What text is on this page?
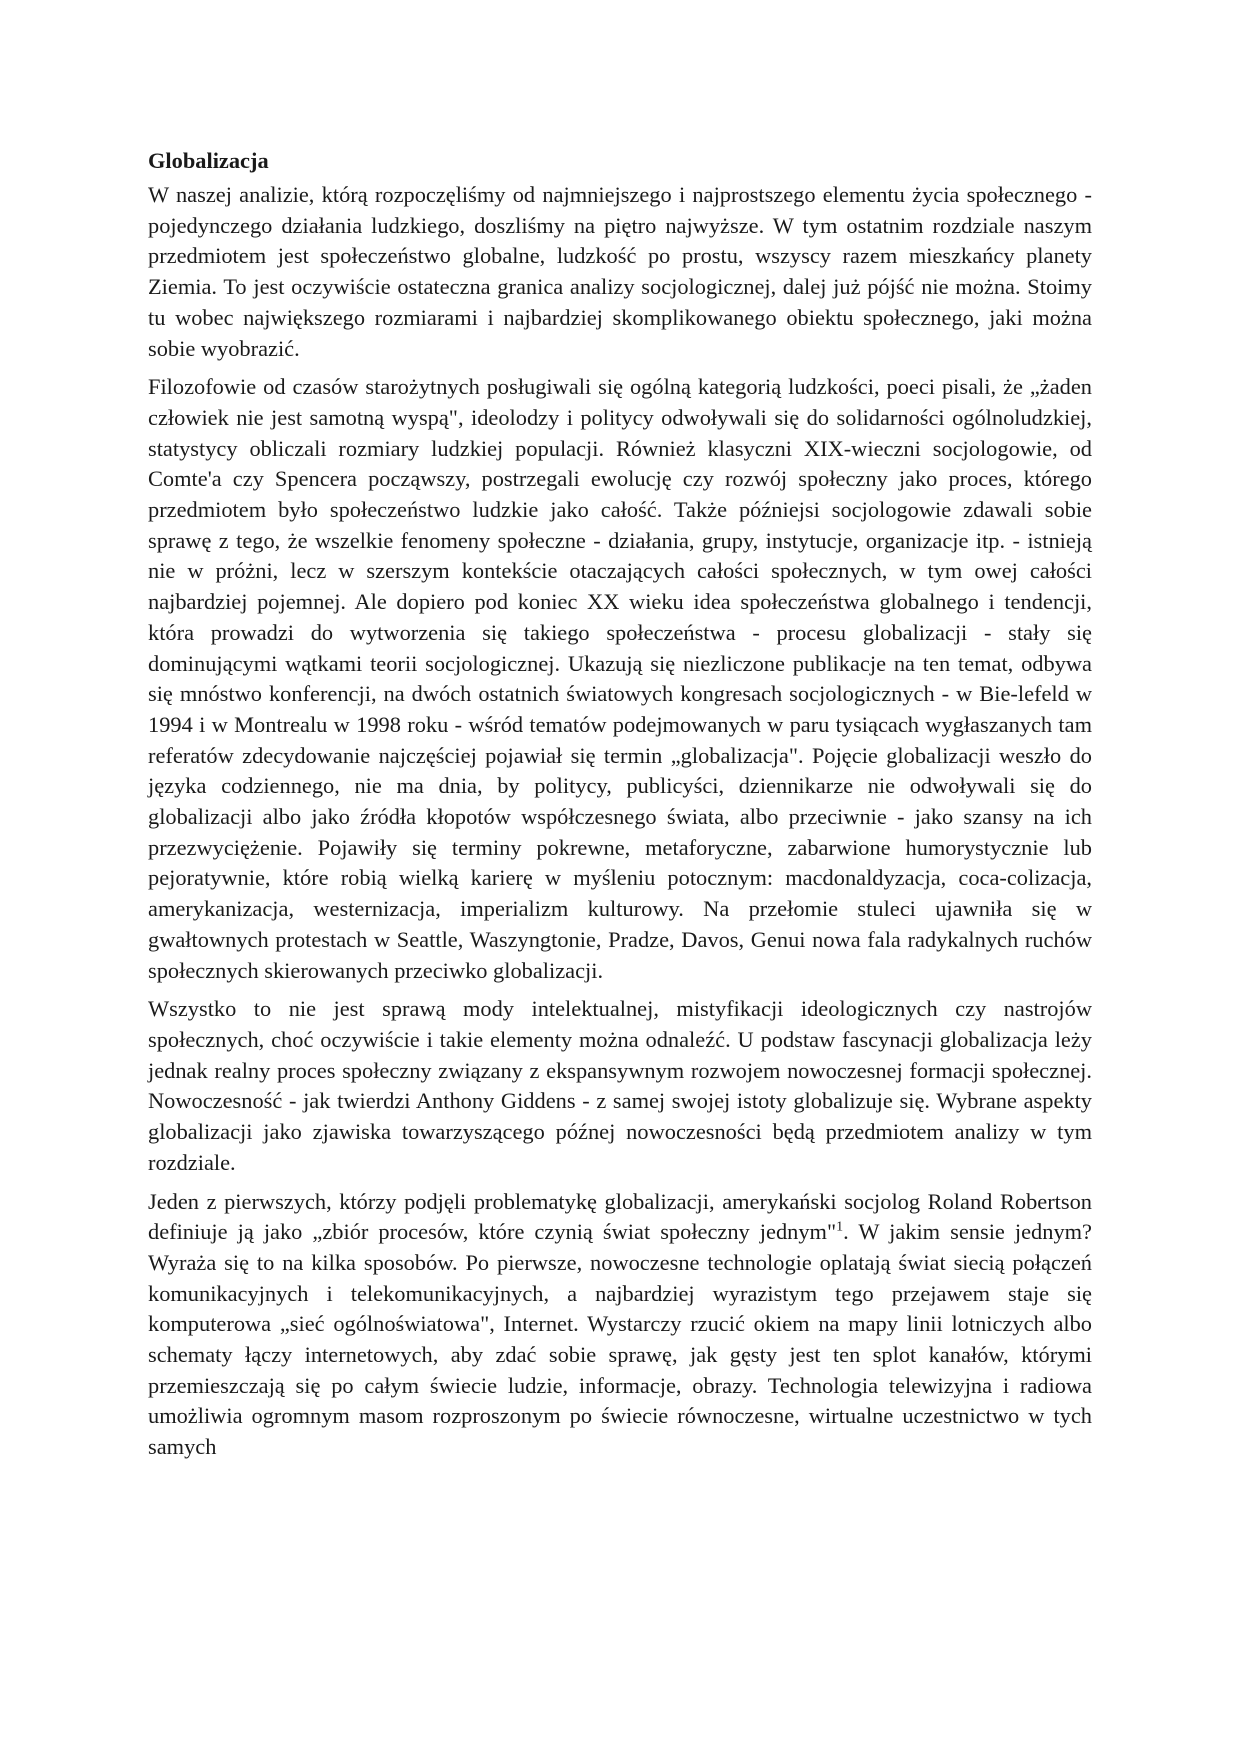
Globalizacja

W naszej analizie, którą rozpoczęliśmy od najmniejszego i najprostszego elementu życia społecznego - pojedynczego działania ludzkiego, doszliśmy na piętro najwyższe. W tym ostatnim rozdziale naszym przedmiotem jest społeczeństwo globalne, ludzkość po prostu, wszyscy razem mieszkańcy planety Ziemia. To jest oczywiście ostateczna granica analizy socjologicznej, dalej już pójść nie można. Stoimy tu wobec największego rozmiarami i najbardziej skomplikowanego obiektu społecznego, jaki można sobie wyobrazić.

Filozofowie od czasów starożytnych posługiwali się ogólną kategorią ludzkości, poeci pisali, że „żaden człowiek nie jest samotną wyspą", ideolodzy i politycy odwoływali się do solidarności ogólnoludzkiej, statystycy obliczali rozmiary ludzkiej populacji. Również klasyczni XIX-wieczni socjologowie, od Comte'a czy Spencera począwszy, postrzegali ewolucję czy rozwój społeczny jako proces, którego przedmiotem było społeczeństwo ludzkie jako całość. Także późniejsi socjologowie zdawali sobie sprawę z tego, że wszelkie fenomeny społeczne - działania, grupy, instytucje, organizacje itp. - istnieją nie w próżni, lecz w szerszym kontekście otaczających całości społecznych, w tym owej całości najbardziej pojemnej. Ale dopiero pod koniec XX wieku idea społeczeństwa globalnego i tendencji, która prowadzi do wytworzenia się takiego społeczeństwa - procesu globalizacji - stały się dominującymi wątkami teorii socjologicznej. Ukazują się niezliczone publikacje na ten temat, odbywa się mnóstwo konferencji, na dwóch ostatnich światowych kongresach socjologicznych - w Bie-lefeld w 1994 i w Montrealu w 1998 roku - wśród tematów podejmowanych w paru tysiącach wygłaszanych tam referatów zdecydowanie najczęściej pojawiał się termin „globalizacja". Pojęcie globalizacji weszło do języka codziennego, nie ma dnia, by politycy, publicyści, dziennikarze nie odwoływali się do globalizacji albo jako źródła kłopotów współczesnego świata, albo przeciwnie - jako szansy na ich przezwyciężenie. Pojawiły się terminy pokrewne, metaforyczne, zabarwione humorystycznie lub pejoratywnie, które robią wielką karierę w myśleniu potocznym: macdonaldyzacja, coca-colizacja, amerykanizacja, westernizacja, imperializm kulturowy. Na przełomie stuleci ujawniła się w gwałtownych protestach w Seattle, Waszyngtonie, Pradze, Davos, Genui nowa fala radykalnych ruchów społecznych skierowanych przeciwko globalizacji.

Wszystko to nie jest sprawą mody intelektualnej, mistyfikacji ideologicznych czy nastrojów społecznych, choć oczywiście i takie elementy można odnaleźć. U podstaw fascynacji globalizacja leży jednak realny proces społeczny związany z ekspansywnym rozwojem nowoczesnej formacji społecznej. Nowoczesność - jak twierdzi Anthony Giddens - z samej swojej istoty globalizuje się. Wybrane aspekty globalizacji jako zjawiska towarzyszącego późnej nowoczesności będą przedmiotem analizy w tym rozdziale.

Jeden z pierwszych, którzy podjęli problematykę globalizacji, amerykański socjolog Roland Robertson definiuje ją jako „zbiór procesów, które czynią świat społeczny jednym"$^1$. W jakim sensie jednym? Wyraża się to na kilka sposobów. Po pierwsze, nowoczesne technologie oplatają świat siecią połączeń komunikacyjnych i telekomunikacyjnych, a najbardziej wyrazistym tego przejawem staje się komputerowa „sieć ogólnoświatowa", Internet. Wystarczy rzucić okiem na mapy linii lotniczych albo schematy łączy internetowych, aby zdać sobie sprawę, jak gęsty jest ten splot kanałów, którymi przemieszczają się po całym świecie ludzie, informacje, obrazy. Technologia telewizyjna i radiowa umożliwia ogromnym masom rozproszonym po świecie równoczesne, wirtualne uczestnictwo w tych samych
